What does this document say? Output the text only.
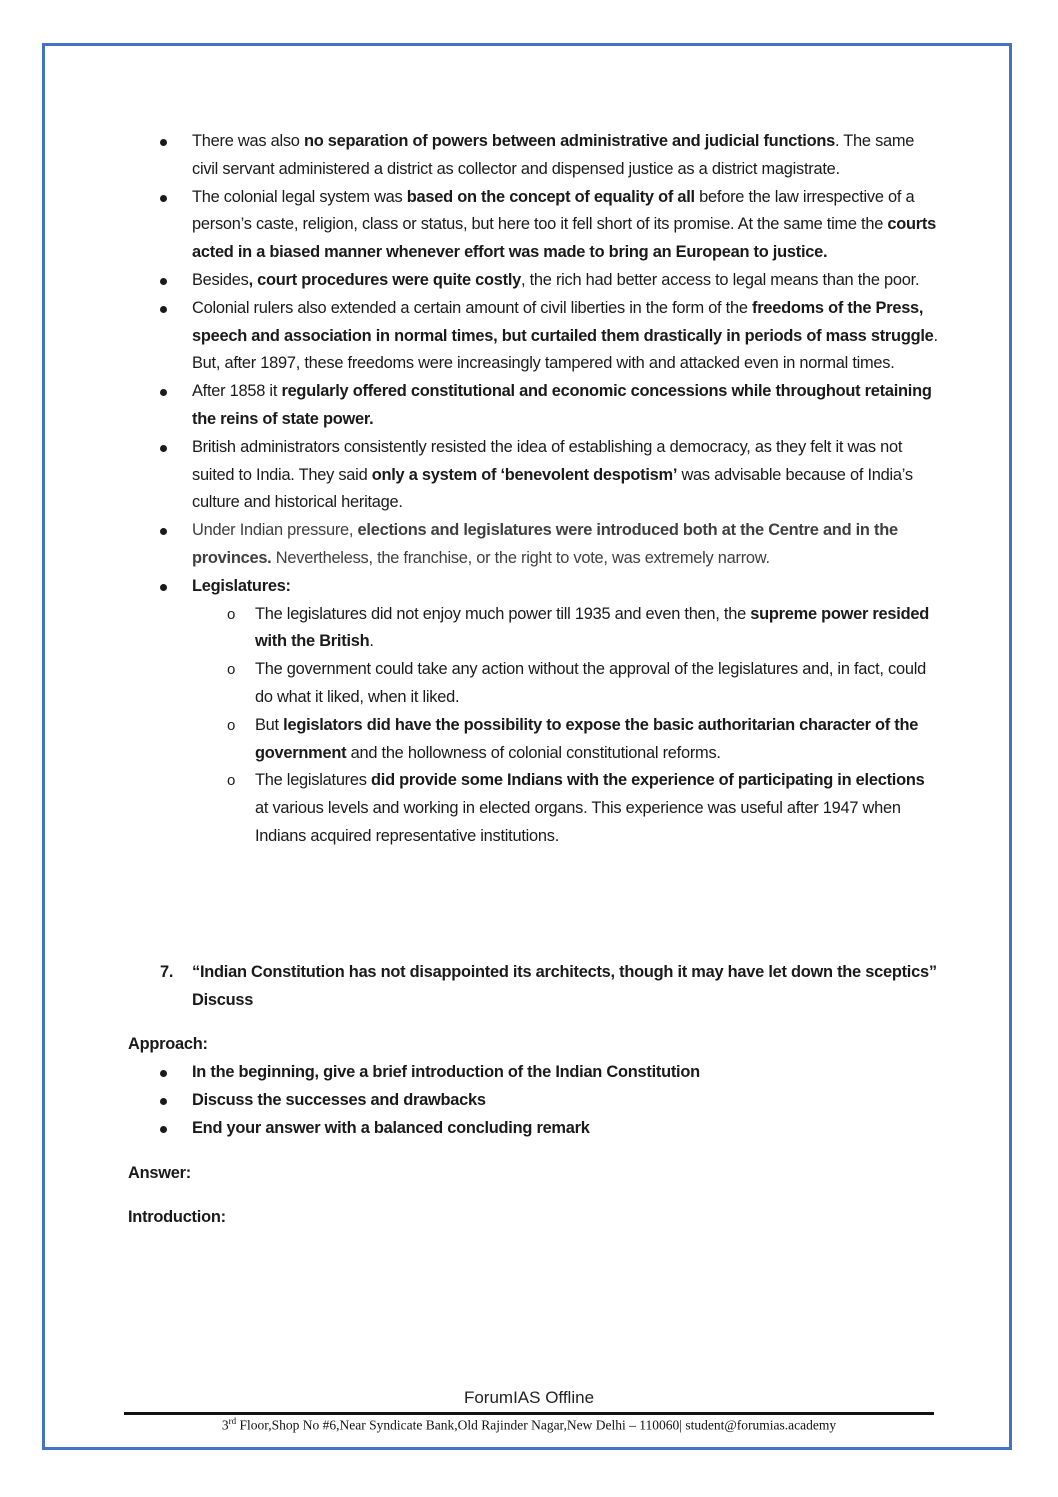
There was also no separation of powers between administrative and judicial functions. The same civil servant administered a district as collector and dispensed justice as a district magistrate.
The colonial legal system was based on the concept of equality of all before the law irrespective of a person’s caste, religion, class or status, but here too it fell short of its promise. At the same time the courts acted in a biased manner whenever effort was made to bring an European to justice.
Besides, court procedures were quite costly, the rich had better access to legal means than the poor.
Colonial rulers also extended a certain amount of civil liberties in the form of the freedoms of the Press, speech and association in normal times, but curtailed them drastically in periods of mass struggle. But, after 1897, these freedoms were increasingly tampered with and attacked even in normal times.
After 1858 it regularly offered constitutional and economic concessions while throughout retaining the reins of state power.
British administrators consistently resisted the idea of establishing a democracy, as they felt it was not suited to India. They said only a system of ‘benevolent despotism’ was advisable because of India’s culture and historical heritage.
Under Indian pressure, elections and legislatures were introduced both at the Centre and in the provinces. Nevertheless, the franchise, or the right to vote, was extremely narrow.
Legislatures:
o The legislatures did not enjoy much power till 1935 and even then, the supreme power resided with the British.
o The government could take any action without the approval of the legislatures and, in fact, could do what it liked, when it liked.
o But legislators did have the possibility to expose the basic authoritarian character of the government and the hollowness of colonial constitutional reforms.
o The legislatures did provide some Indians with the experience of participating in elections at various levels and working in elected organs. This experience was useful after 1947 when Indians acquired representative institutions.
7. “Indian Constitution has not disappointed its architects, though it may have let down the sceptics” Discuss
Approach:
In the beginning, give a brief introduction of the Indian Constitution
Discuss the successes and drawbacks
End your answer with a balanced concluding remark
Answer:
Introduction:
ForumIAS Offline
3rd Floor,Shop No #6,Near Syndicate Bank,Old Rajinder Nagar,New Delhi – 110060| student@forumias.academy
